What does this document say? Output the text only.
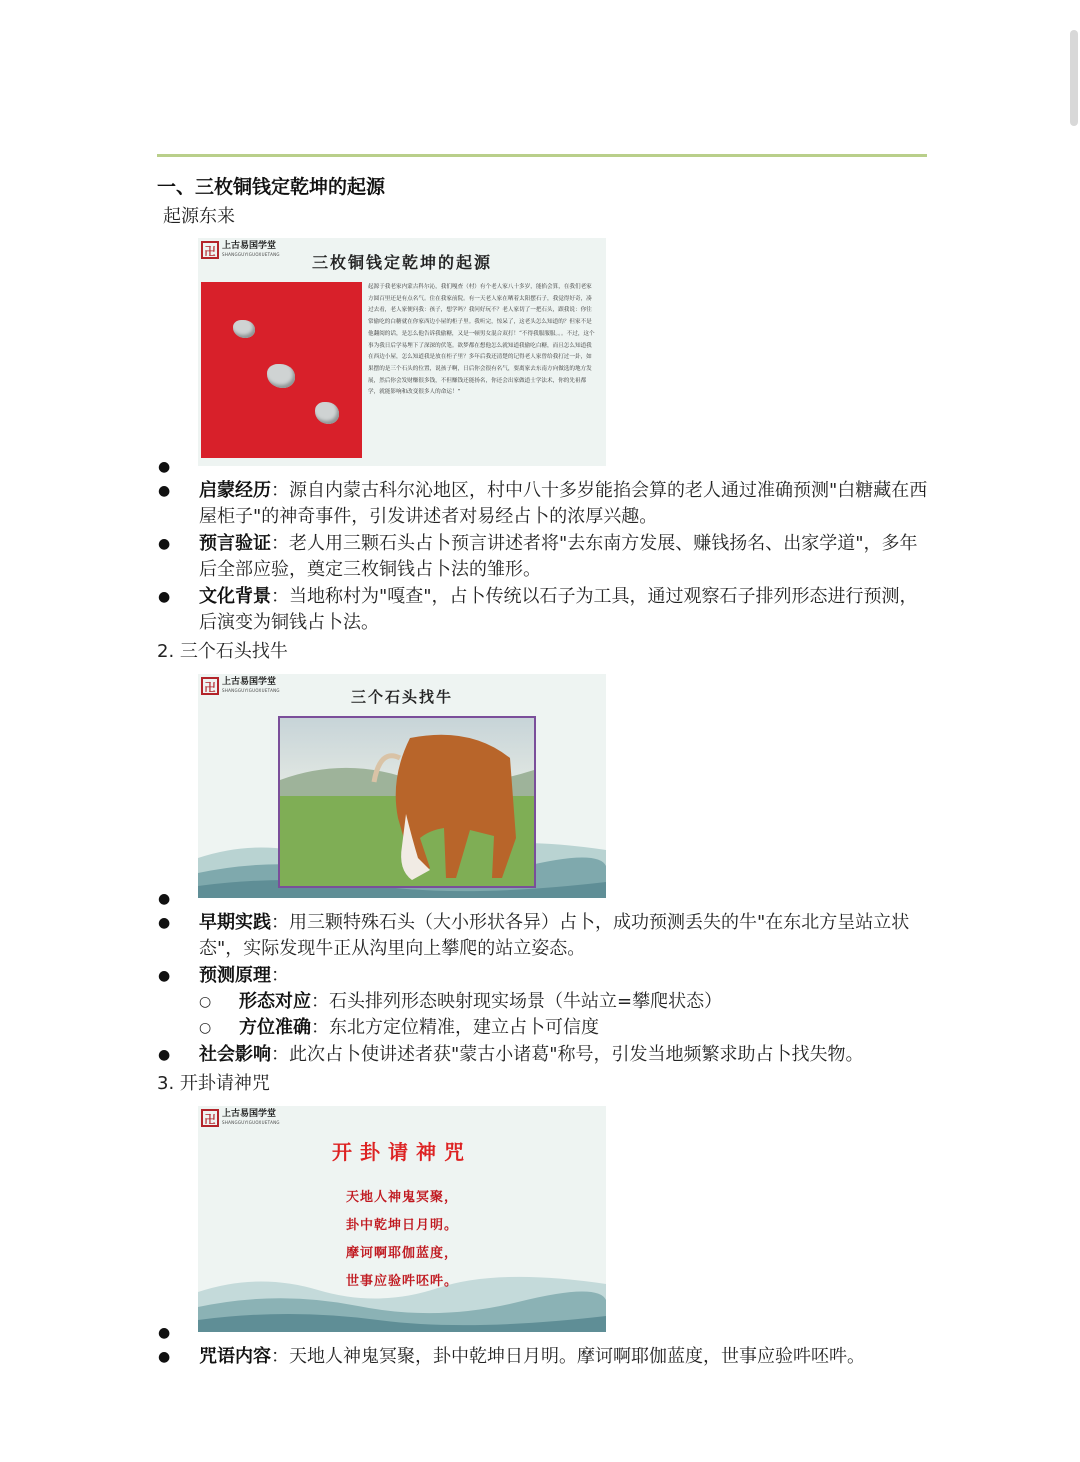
一、三枚铜钱定乾坤的起源
起源东来
卍 上古易国学堂
SHANGGUYIGUOXUETANG	三枚铜钱定乾坤的起源
起源于我老家内蒙古科尔沁，我们嘎查（村）有个老人家八十多岁，能掐会算，在我们老家方圆百里还是有点名气。住在我家前院。有一天老人家在晒着太阳摆石子，我觉得好奇，凑过去看，老人家便问我：孩子，想学吗？我问好玩不？老人家切了一把石头，跟我说：你往常偷吃的白糖就在你家西边小屋的柜子里。我听完，惊呆了，这老头怎么知道的？但家不是他翻阅的话，是怎么他告诉我偷糖，又是一顿男女混合双打！“不得我服服服。。。不过，这个事为我日后学易埋下了深深的伏笔。欲梦都在想他怎么就知道我偷吃白糖，而且怎么知道我在西边小屋，怎么知道我是放在柜子里？多年后我还清楚的记得老人家曾给我打过一卦，如果摆的是三个石头的位置，说孩子啊，日后你会很有名气，要离家去东南方向做选的地方发展，然后你会发财赚很多钱，不但赚钱还能扬名，你还会出家做道士学法术，你的先祖都学，就能影响和改变很多人的命运！”
●
● 启蒙经历：源自内蒙古科尔沁地区，村中八十多岁能掐会算的老人通过准确预测"白糖藏在西屋柜子"的神奇事件，引发讲述者对易经占卜的浓厚兴趣。
● 预言验证：老人用三颗石头占卜预言讲述者将"去东南方发展、赚钱扬名、出家学道"，多年后全部应验，奠定三枚铜钱占卜法的雏形。
● 文化背景：当地称村为"嘎查"，占卜传统以石子为工具，通过观察石子排列形态进行预测，后演变为铜钱占卜法。
2. 三个石头找牛
卍 上古易国学堂
SHANGGUYIGUOXUETANG	三个石头找牛
●
● 早期实践：用三颗特殊石头（大小形状各异）占卜，成功预测丢失的牛"在东北方呈站立状态"，实际发现牛正从沟里向上攀爬的站立姿态。
● 预测原理：
○ 形态对应：石头排列形态映射现实场景（牛站立=攀爬状态）
○ 方位准确：东北方定位精准，建立占卜可信度
● 社会影响：此次占卜使讲述者获"蒙古小诸葛"称号，引发当地频繁求助占卜找失物。
3. 开卦请神咒
卍 上古易国学堂
SHANGGUYIGUOXUETANG
开卦请神咒
天地人神鬼冥聚，
卦中乾坤日月明。
摩诃啊耶伽蓝度，
世事应验吽呸吽。
●
● 咒语内容：天地人神鬼冥聚，卦中乾坤日月明。摩诃啊耶伽蓝度，世事应验吽呸吽。
